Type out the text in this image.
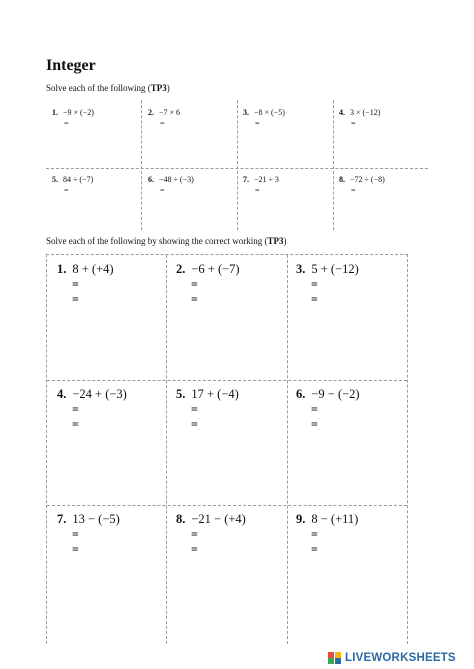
Integer
Solve each of the following (TP3)
1. −9 × (−2)
=
2. −7 × 6
=
3. −8 × (−5)
=
4. 3 × (−12)
=
5. 84 ÷ (−7)
=
6. −48 ÷ (−3)
=
7. −21 ÷ 3
=
8. −72 ÷ (−8)
=
Solve each of the following by showing the correct working (TP3)
1. 8 + (+4)
=
=
2. −6 + (−7)
=
=
3. 5 + (−12)
=
=
4. −24 + (−3)
=
=
5. 17 + (−4)
=
=
6. −9 − (−2)
=
=
7. 13 − (−5)
=
=
8. −21 − (+4)
=
=
9. 8 − (+11)
=
=
LIVEWORKSHEETS
